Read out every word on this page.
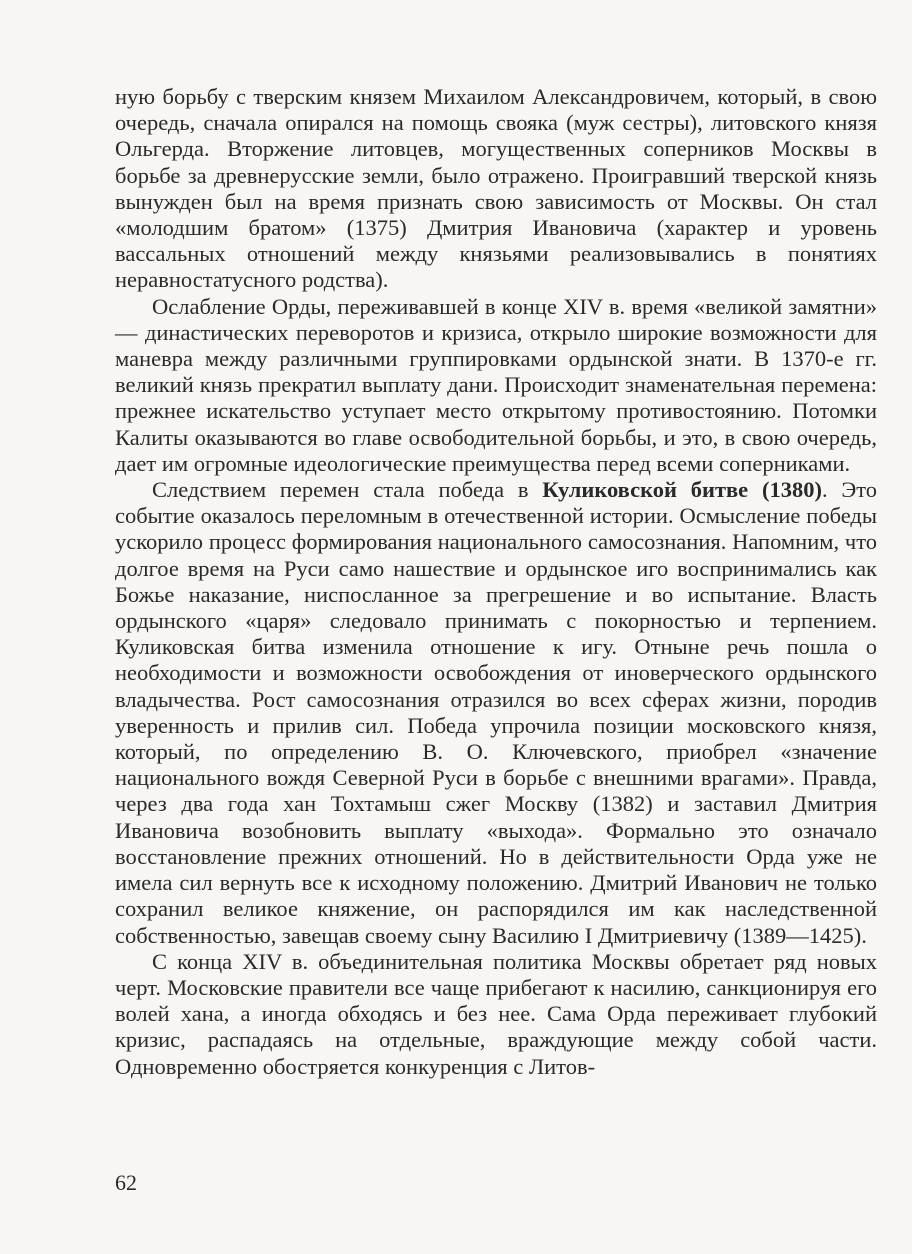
ную борьбу с тверским князем Михаилом Александровичем, который, в свою очередь, сначала опирался на помощь свояка (муж сестры), литовского князя Ольгерда. Вторжение литовцев, могущественных соперников Москвы в борьбе за древнерусские земли, было отражено. Проигравший тверской князь вынужден был на время признать свою зависимость от Москвы. Он стал «молодшим братом» (1375) Дмитрия Ивановича (характер и уровень вассальных отношений между князьями реализовывались в понятиях неравностатусного родства).

Ослабление Орды, переживавшей в конце XIV в. время «великой замятни» — династических переворотов и кризиса, открыло широкие возможности для маневра между различными группировками ордынской знати. В 1370-е гг. великий князь прекратил выплату дани. Происходит знаменательная перемена: прежнее искательство уступает место открытому противостоянию. Потомки Калиты оказываются во главе освободительной борьбы, и это, в свою очередь, дает им огромные идеологические преимущества перед всеми соперниками.

Следствием перемен стала победа в Куликовской битве (1380). Это событие оказалось переломным в отечественной истории. Осмысление победы ускорило процесс формирования национального самосознания. Напомним, что долгое время на Руси само нашествие и ордынское иго воспринимались как Божье наказание, ниспосланное за прегрешение и во испытание. Власть ордынского «царя» следовало принимать с покорностью и терпением. Куликовская битва изменила отношение к игу. Отныне речь пошла о необходимости и возможности освобождения от иноверческого ордынского владычества. Рост самосознания отразился во всех сферах жизни, породив уверенность и прилив сил. Победа упрочила позиции московского князя, который, по определению В. О. Ключевского, приобрел «значение национального вождя Северной Руси в борьбе с внешними врагами». Правда, через два года хан Тохтамыш сжег Москву (1382) и заставил Дмитрия Ивановича возобновить выплату «выхода». Формально это означало восстановление прежних отношений. Но в действительности Орда уже не имела сил вернуть все к исходному положению. Дмитрий Иванович не только сохранил великое княжение, он распорядился им как наследственной собственностью, завещав своему сыну Василию I Дмитриевичу (1389—1425).

С конца XIV в. объединительная политика Москвы обретает ряд новых черт. Московские правители все чаще прибегают к насилию, санкционируя его волей хана, а иногда обходясь и без нее. Сама Орда переживает глубокий кризис, распадаясь на отдельные, враждующие между собой части. Одновременно обостряется конкуренция с Литов-

62
